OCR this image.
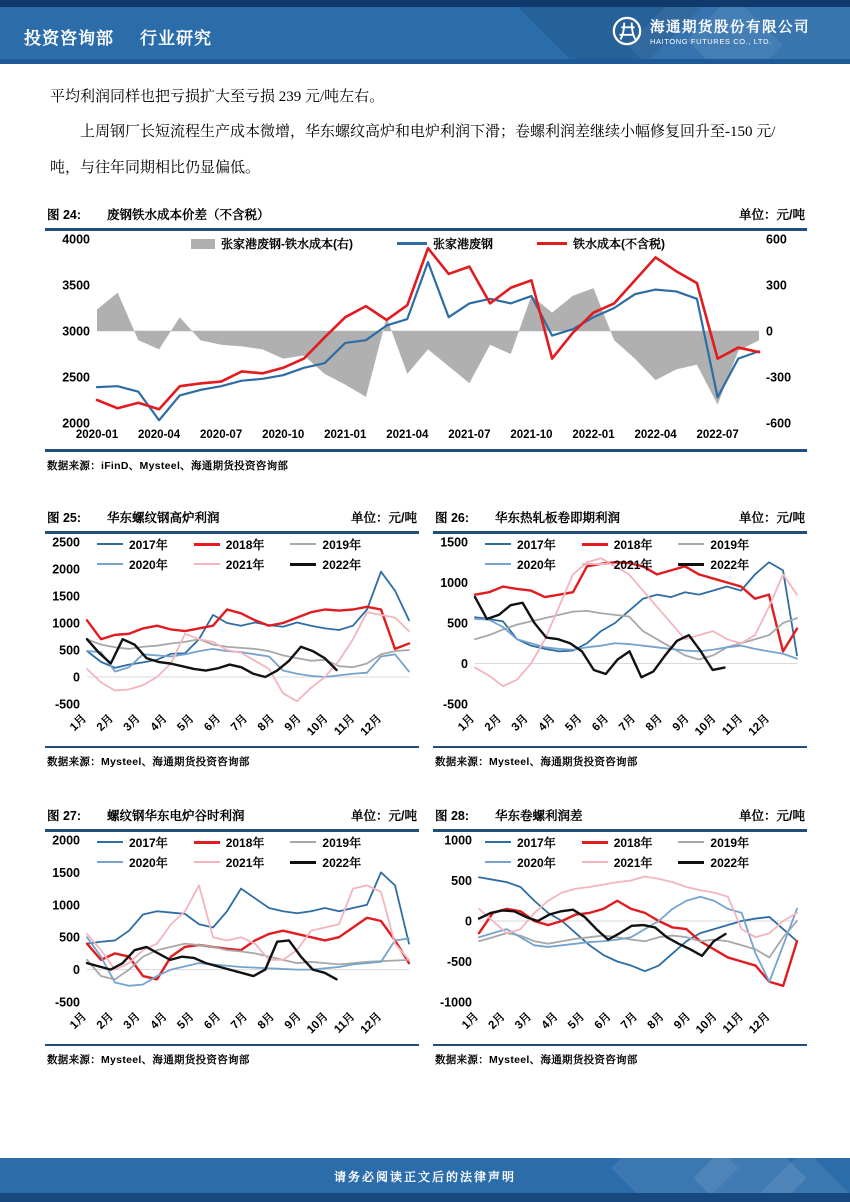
投资咨询部 行业研究
海通期货股份有限公司
HAITONG FUTURES CO., LTD.

平均利润同样也把亏损扩大至亏损 239 元/吨左右。

上周钢厂长短流程生产成本微增，华东螺纹高炉和电炉利润下滑；卷螺利润差继续小幅修复回升至-150 元/吨，与往年同期相比仍显偏低。

图 24: 废钢铁水成本价差（不含税）	单位：元/吨
张家港废钢-铁水成本(右)	张家港废钢	铁水成本(不含税)
4000
3500
3000
2500
2000
600
300
0
-300
-600
2020-01 2020-04 2020-07 2020-10 2021-01 2021-04 2021-07 2021-10 2022-01 2022-04 2022-07
数据来源：iFinD、Mysteel、海通期货投资咨询部
图 25: 华东螺纹钢高炉利润	单位：元/吨
2017年	2018年	2019年
2020年	2021年	2022年
2500
2000
1500
1000
500
0
-500
1月 2月 3月 4月 5月 6月 7月 8月 9月 10月 11月 12月
数据来源：Mysteel、海通期货投资咨询部
图 26: 华东热轧板卷即期利润	单位：元/吨
2017年	2018年	2019年
2020年	2021年	2022年
1500
1000
500
0
-500
1月 2月 3月 4月 5月 6月 7月 8月 9月 10月 11月 12月
数据来源：Mysteel、海通期货投资咨询部
图 27: 螺纹钢华东电炉谷时利润	单位：元/吨
2017年	2018年	2019年
2020年	2021年	2022年
2000
1500
1000
500
0
-500
1月 2月 3月 4月 5月 6月 7月 8月 9月 10月 11月 12月
数据来源：Mysteel、海通期货投资咨询部
图 28: 华东卷螺利润差	单位：元/吨
2017年	2018年	2019年
2020年	2021年	2022年
1000
500
0
-500
-1000
1月 2月 3月 4月 5月 6月 7月 8月 9月 10月 11月 12月
数据来源：Mysteel、海通期货投资咨询部
请务必阅读正文后的法律声明
